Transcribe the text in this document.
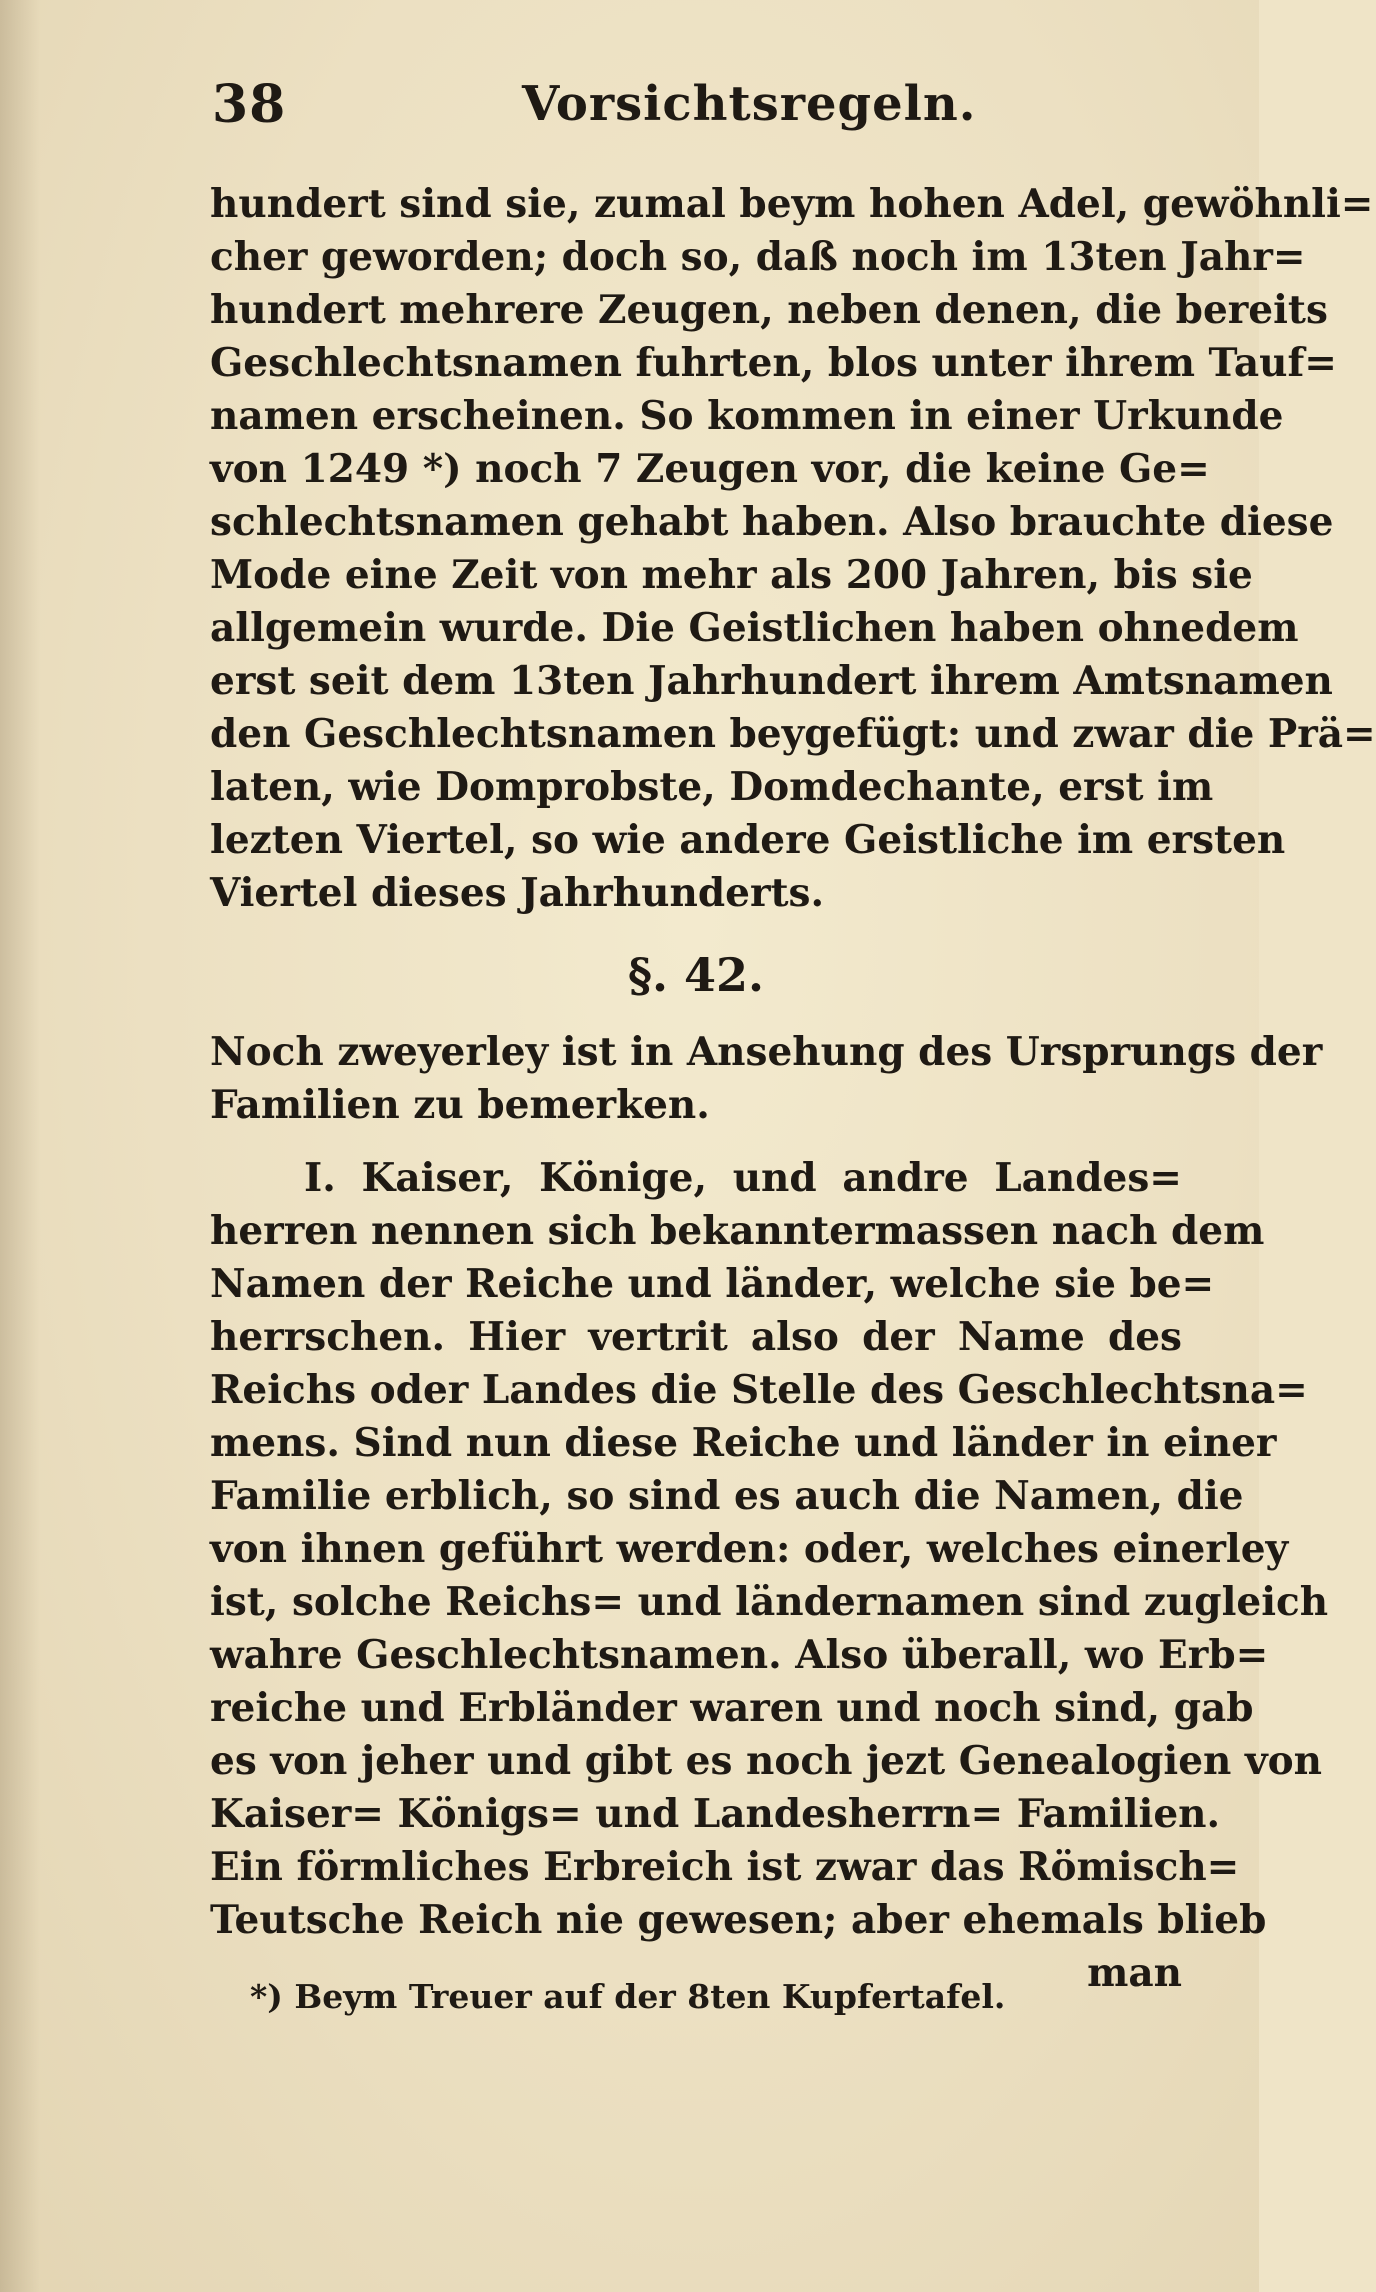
38	Vorsichtsregeln.
hundert sind sie, zumal beym hohen Adel, gewöhnli=
cher geworden; doch so, daß noch im 13ten Jahr=
hundert mehrere Zeugen, neben denen, die bereits
Geschlechtsnamen fuhrten, blos unter ihrem Tauf=
namen erscheinen. So kommen in einer Urkunde
von 1249 *) noch 7 Zeugen vor, die keine Ge=
schlechtsnamen gehabt haben. Also brauchte diese
Mode eine Zeit von mehr als 200 Jahren, bis sie
allgemein wurde. Die Geistlichen haben ohnedem
erst seit dem 13ten Jahrhundert ihrem Amtsnamen
den Geschlechtsnamen beygefügt: und zwar die Prä=
laten, wie Domprobste, Domdechante, erst im
lezten Viertel, so wie andere Geistliche im ersten
Viertel dieses Jahrhunderts.
§. 42.
Noch zweyerley ist in Ansehung des Ursprungs der
Familien zu bemerken.
I. Kaiser, Könige, und andre Landes=
herren nennen sich bekanntermassen nach dem
Namen der Reiche und länder, welche sie be=
herrschen. Hier vertrit also der Name des
Reichs oder Landes die Stelle des Geschlechtsna=
mens. Sind nun diese Reiche und länder in einer
Familie erblich, so sind es auch die Namen, die
von ihnen geführt werden: oder, welches einerley
ist, solche Reichs= und ländernamen sind zugleich
wahre Geschlechtsnamen. Also überall, wo Erb=
reiche und Erbländer waren und noch sind, gab
es von jeher und gibt es noch jezt Genealogien von
Kaiser= Königs= und Landesherrn= Familien.
Ein förmliches Erbreich ist zwar das Römisch=
Teutsche Reich nie gewesen; aber ehemals blieb
man
*) Beym Treuer auf der 8ten Kupfertafel.
